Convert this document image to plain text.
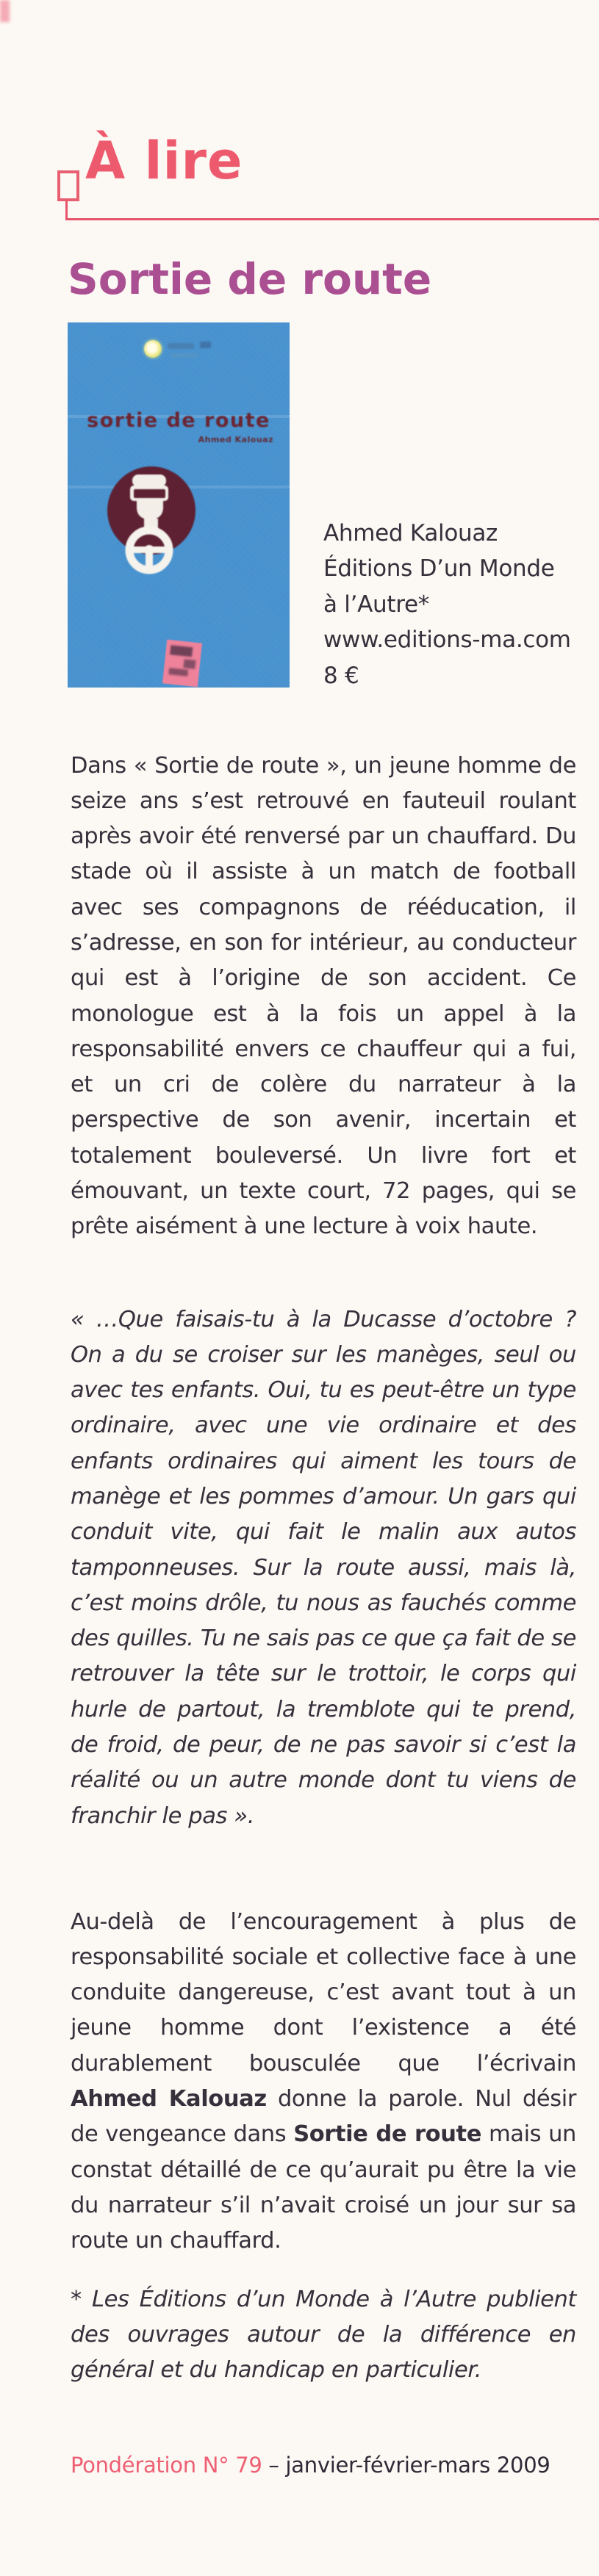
À lire
Sortie de route
sortie de route
Ahmed Kalouaz
Ahmed Kalouaz
Éditions D’un Monde
à l’Autre*
www.editions-ma.com
8 €

Dans « Sortie de route », un jeune homme de seize ans s’est retrouvé en fauteuil roulant après avoir été renversé par un chauffard. Du stade où il assiste à un match de football avec ses compagnons de rééducation, il s’adresse, en son for intérieur, au conducteur qui est à l’origine de son accident. Ce monologue est à la fois un appel à la responsabilité envers ce chauffeur qui a fui, et un cri de colère du narrateur à la perspective de son avenir, incertain et totalement bouleversé. Un livre fort et émouvant, un texte court, 72 pages, qui se prête aisément à une lecture à voix haute.

« …Que faisais-tu à la Ducasse d’octobre ? On a du se croiser sur les manèges, seul ou avec tes enfants. Oui, tu es peut-être un type ordinaire, avec une vie ordinaire et des enfants ordinaires qui aiment les tours de manège et les pommes d’amour. Un gars qui conduit vite, qui fait le malin aux autos tamponneuses. Sur la route aussi, mais là, c’est moins drôle, tu nous as fauchés comme des quilles. Tu ne sais pas ce que ça fait de se retrouver la tête sur le trottoir, le corps qui hurle de partout, la tremblote qui te prend, de froid, de peur, de ne pas savoir si c’est la réalité ou un autre monde dont tu viens de franchir le pas ».

Au-delà de l’encouragement à plus de responsabilité sociale et collective face à une conduite dangereuse, c’est avant tout à un jeune homme dont l’existence a été durablement bousculée que l’écrivain Ahmed Kalouaz donne la parole. Nul désir de vengeance dans Sortie de route mais un constat détaillé de ce qu’aurait pu être la vie du narrateur s’il n’avait croisé un jour sur sa route un chauffard.

* Les Éditions d’un Monde à l’Autre publient des ouvrages autour de la différence en général et du handicap en particulier.

Pondération N° 79 – janvier-février-mars 2009
